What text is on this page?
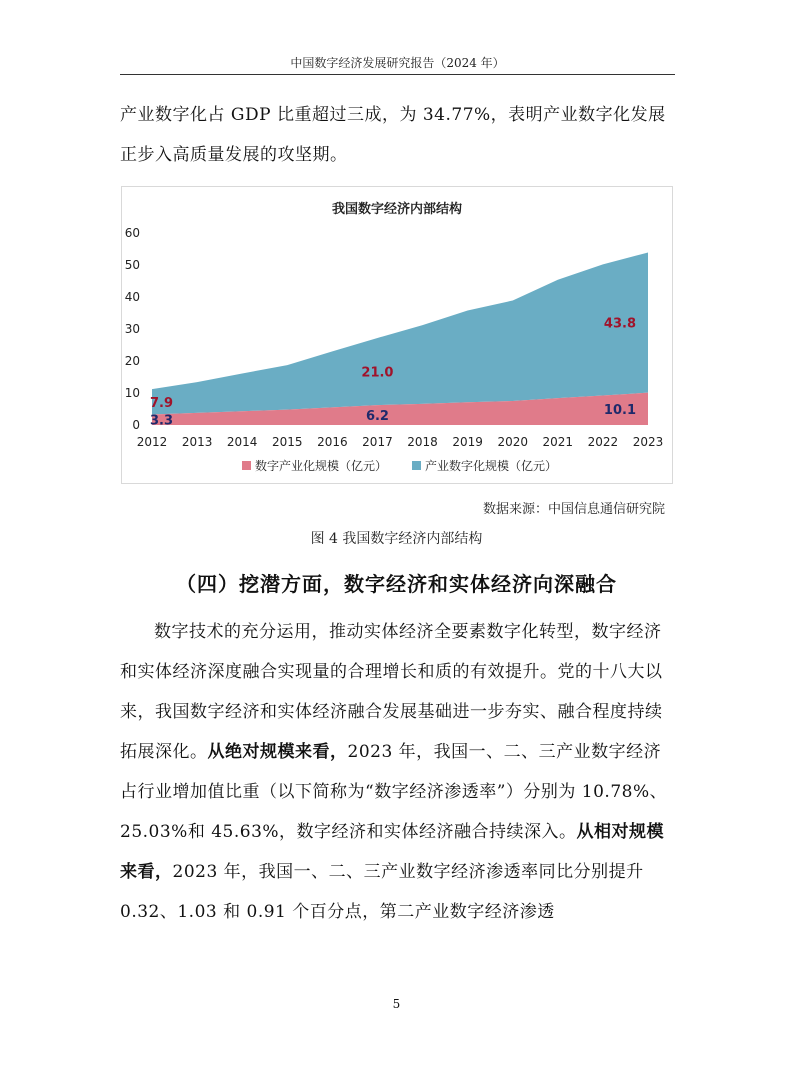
中国数字经济发展研究报告（2024 年）
产业数字化占 GDP 比重超过三成，为 34.77%，表明产业数字化发展正步入高质量发展的攻坚期。
我国数字经济内部结构
0
10
20
30
40
50
60
2012 2013 2014 2015 2016 2017 2018 2019 2020 2021 2022 2023
3.3
7.9
6.2
21.0
10.1
43.8
数字产业化规模（亿元）	产业数字化规模（亿元）
数据来源：中国信息通信研究院
图 4 我国数字经济内部结构
（四）挖潜方面，数字经济和实体经济向深融合
数字技术的充分运用，推动实体经济全要素数字化转型，数字经济和实体经济深度融合实现量的合理增长和质的有效提升。党的十八大以来，我国数字经济和实体经济融合发展基础进一步夯实、融合程度持续拓展深化。从绝对规模来看，2023 年，我国一、二、三产业数字经济占行业增加值比重（以下简称为“数字经济渗透率”）分别为 10.78%、25.03%和 45.63%，数字经济和实体经济融合持续深入。从相对规模来看，2023 年，我国一、二、三产业数字经济渗透率同比分别提升 0.32、1.03 和 0.91 个百分点，第二产业数字经济渗透
5
